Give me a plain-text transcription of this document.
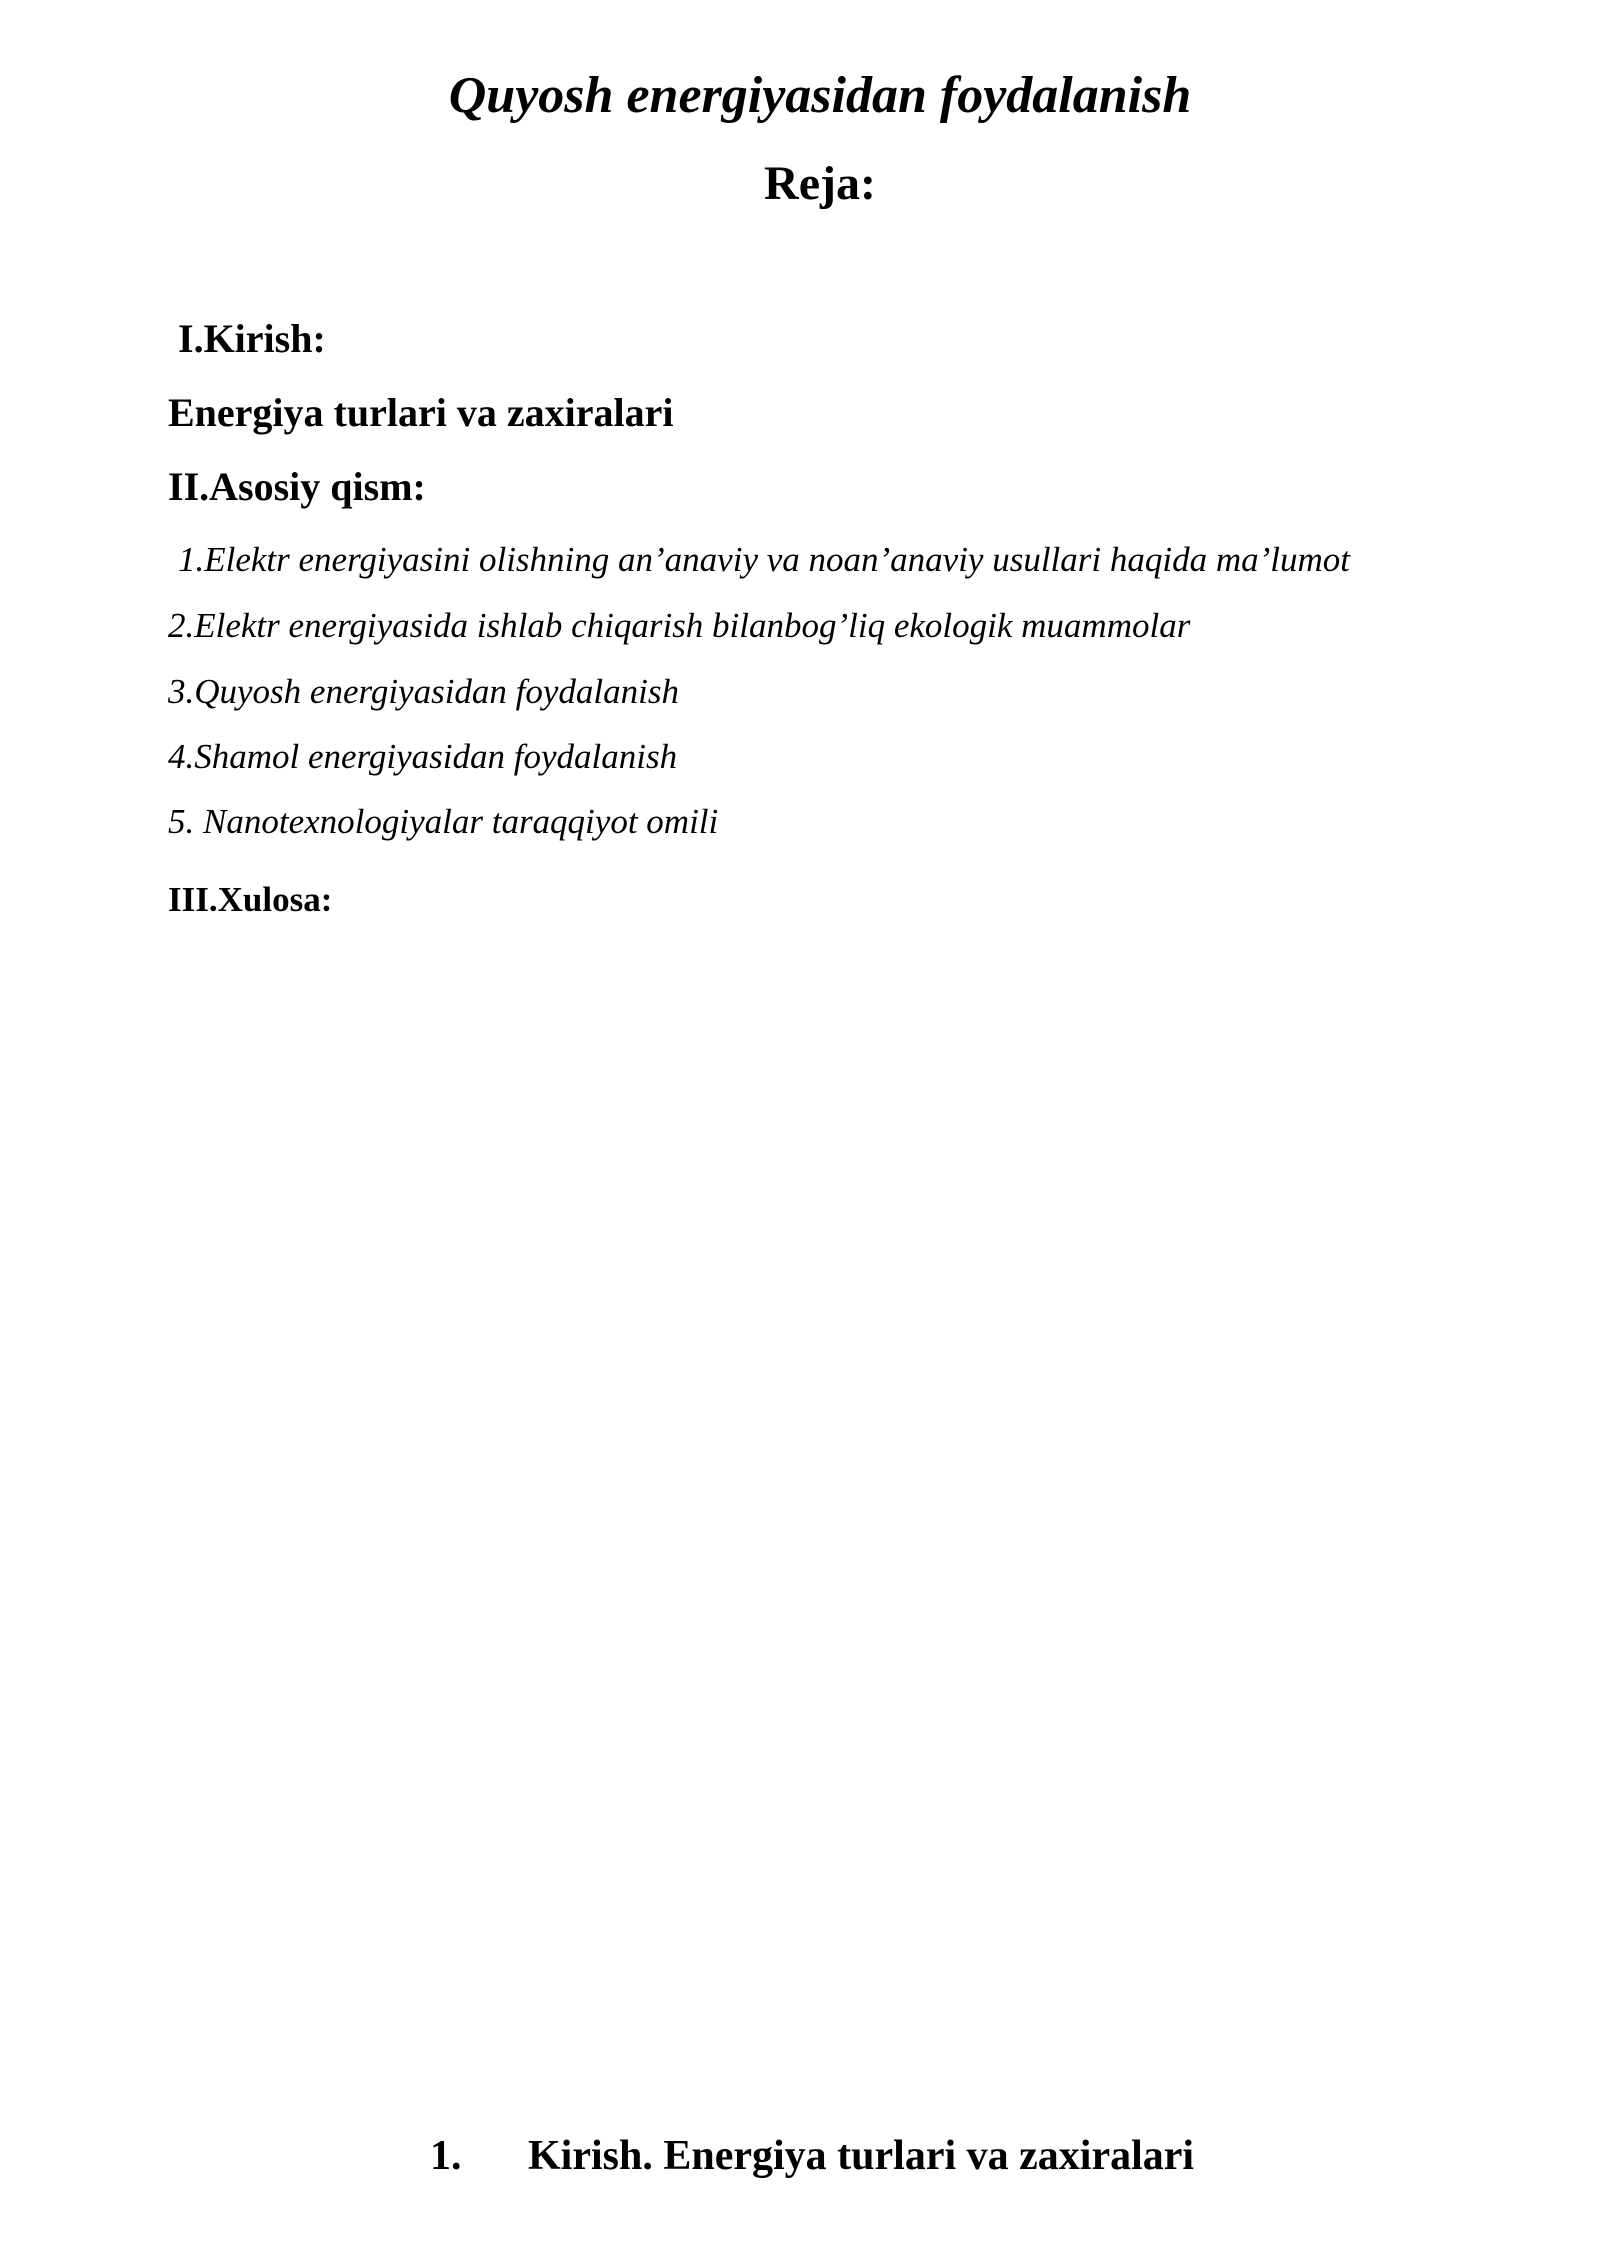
Quyosh energiyasidan foydalanish
Reja:
I.Kirish:
Energiya turlari va zaxiralari
II.Asosiy qism:
1.Elektr energiyasini olishning an’anaviy va noan’anaviy usullari haqida ma’lumot
2.Elektr energiyasida ishlab chiqarish bilanbog’liq ekologik muammolar
3.Quyosh energiyasidan foydalanish
4.Shamol energiyasidan foydalanish
5. Nanotexnologiyalar taraqqiyot omili
III.Xulosa:
1. Kirish. Energiya turlari va zaxiralari
